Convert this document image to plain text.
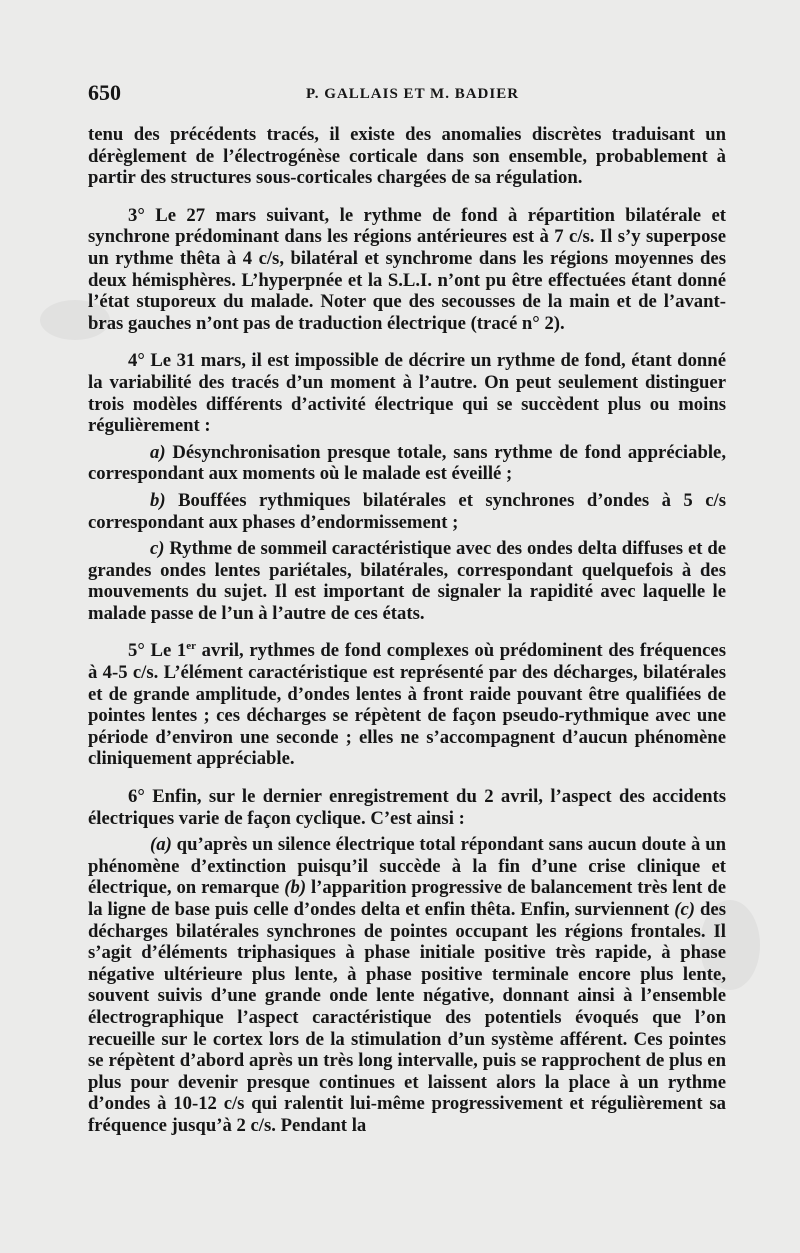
650	P. GALLAIS ET M. BADIER

tenu des précédents tracés, il existe des anomalies discrètes traduisant un dérèglement de l’électrogénèse corticale dans son ensemble, probablement à partir des structures sous-corticales chargées de sa régulation.

3° Le 27 mars suivant, le rythme de fond à répartition bilatérale et synchrone prédominant dans les régions antérieures est à 7 c/s. Il s’y superpose un rythme thêta à 4 c/s, bilatéral et synchrome dans les régions moyennes des deux hémisphères. L’hyperpnée et la S.L.I. n’ont pu être effectuées étant donné l’état stuporeux du malade. Noter que des secousses de la main et de l’avant-bras gauches n’ont pas de traduction électrique (tracé n° 2).

4° Le 31 mars, il est impossible de décrire un rythme de fond, étant donné la variabilité des tracés d’un moment à l’autre. On peut seulement distinguer trois modèles différents d’activité électrique qui se succèdent plus ou moins régulièrement :

a) Désynchronisation presque totale, sans rythme de fond appréciable, correspondant aux moments où le malade est éveillé ;

b) Bouffées rythmiques bilatérales et synchrones d’ondes à 5 c/s correspondant aux phases d’endormissement ;

c) Rythme de sommeil caractéristique avec des ondes delta diffuses et de grandes ondes lentes pariétales, bilatérales, correspondant quelquefois à des mouvements du sujet. Il est important de signaler la rapidité avec laquelle le malade passe de l’un à l’autre de ces états.

5° Le 1er avril, rythmes de fond complexes où prédominent des fréquences à 4-5 c/s. L’élément caractéristique est représenté par des décharges, bilatérales et de grande amplitude, d’ondes lentes à front raide pouvant être qualifiées de pointes lentes ; ces décharges se répètent de façon pseudo-rythmique avec une période d’environ une seconde ; elles ne s’accompagnent d’aucun phénomène cliniquement appréciable.

6° Enfin, sur le dernier enregistrement du 2 avril, l’aspect des accidents électriques varie de façon cyclique. C’est ainsi :

(a) qu’après un silence électrique total répondant sans aucun doute à un phénomène d’extinction puisqu’il succède à la fin d’une crise clinique et électrique, on remarque (b) l’apparition progressive de balancement très lent de la ligne de base puis celle d’ondes delta et enfin thêta. Enfin, surviennent (c) des décharges bilatérales synchrones de pointes occupant les régions frontales. Il s’agit d’éléments triphasiques à phase initiale positive très rapide, à phase négative ultérieure plus lente, à phase positive terminale encore plus lente, souvent suivis d’une grande onde lente négative, donnant ainsi à l’ensemble électrographique l’aspect caractéristique des potentiels évoqués que l’on recueille sur le cortex lors de la stimulation d’un système afférent. Ces pointes se répètent d’abord après un très long intervalle, puis se rapprochent de plus en plus pour devenir presque continues et laissent alors la place à un rythme d’ondes à 10-12 c/s qui ralentit lui-même progressivement et régulièrement sa fréquence jusqu’à 2 c/s. Pendant la
